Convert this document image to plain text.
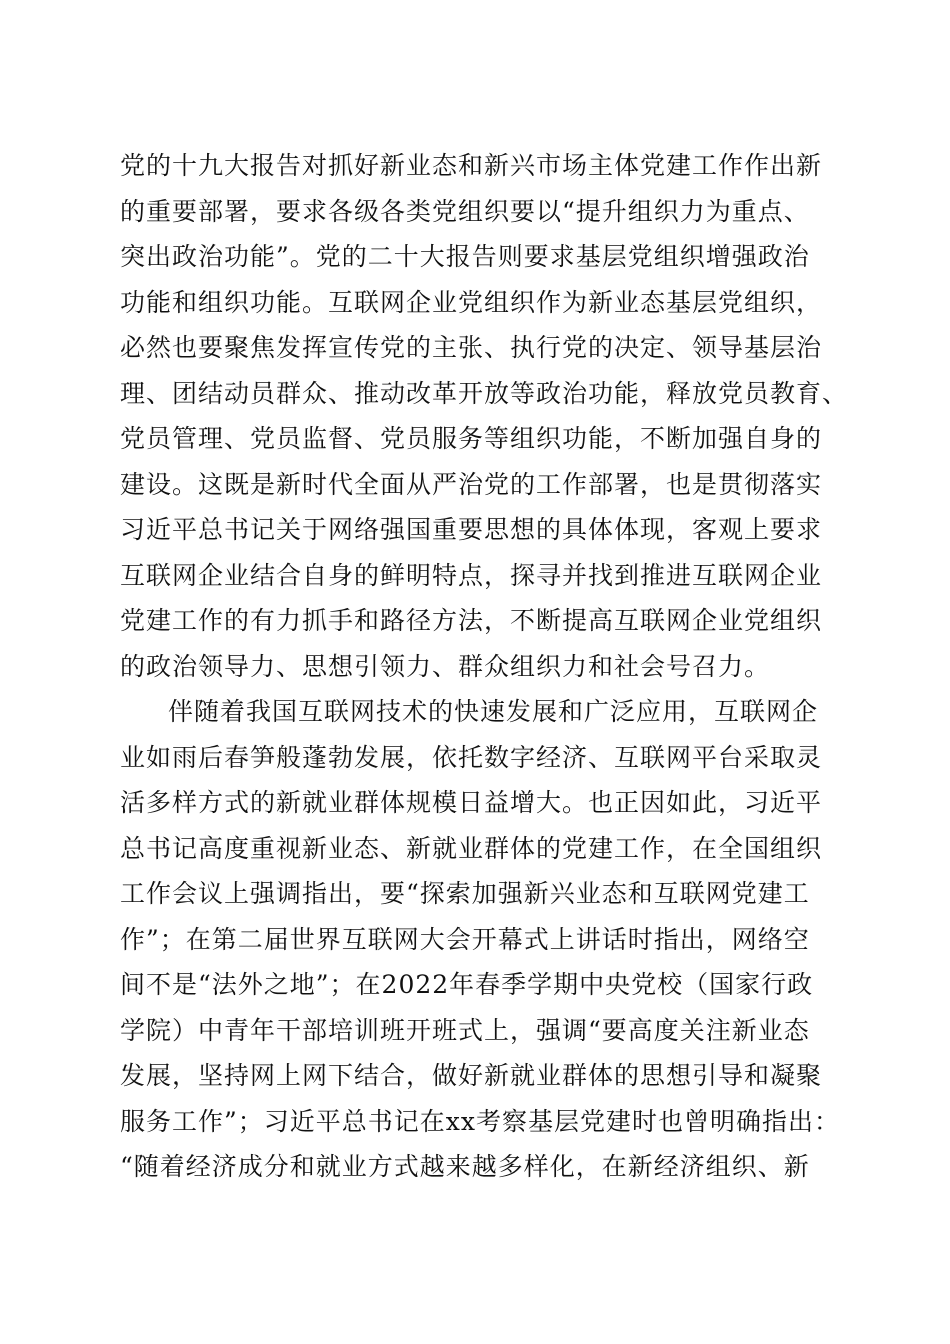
党的十九大报告对抓好新业态和新兴市场主体党建工作作出新
的重要部署，要求各级各类党组织要以“提升组织力为重点、
突出政治功能”。党的二十大报告则要求基层党组织增强政治
功能和组织功能。互联网企业党组织作为新业态基层党组织，
必然也要聚焦发挥宣传党的主张、执行党的决定、领导基层治
理、团结动员群众、推动改革开放等政治功能，释放党员教育、
党员管理、党员监督、党员服务等组织功能，不断加强自身的
建设。这既是新时代全面从严治党的工作部署，也是贯彻落实
习近平总书记关于网络强国重要思想的具体体现，客观上要求
互联网企业结合自身的鲜明特点，探寻并找到推进互联网企业
党建工作的有力抓手和路径方法，不断提高互联网企业党组织
的政治领导力、思想引领力、群众组织力和社会号召力。
伴随着我国互联网技术的快速发展和广泛应用，互联网企
业如雨后春笋般蓬勃发展，依托数字经济、互联网平台采取灵
活多样方式的新就业群体规模日益增大。也正因如此，习近平
总书记高度重视新业态、新就业群体的党建工作，在全国组织
工作会议上强调指出，要“探索加强新兴业态和互联网党建工
作”；在第二届世界互联网大会开幕式上讲话时指出，网络空
间不是“法外之地”；在2022年春季学期中央党校（国家行政
学院）中青年干部培训班开班式上，强调“要高度关注新业态
发展，坚持网上网下结合，做好新就业群体的思想引导和凝聚
服务工作”；习近平总书记在xx考察基层党建时也曾明确指出：
“随着经济成分和就业方式越来越多样化，在新经济组织、新
